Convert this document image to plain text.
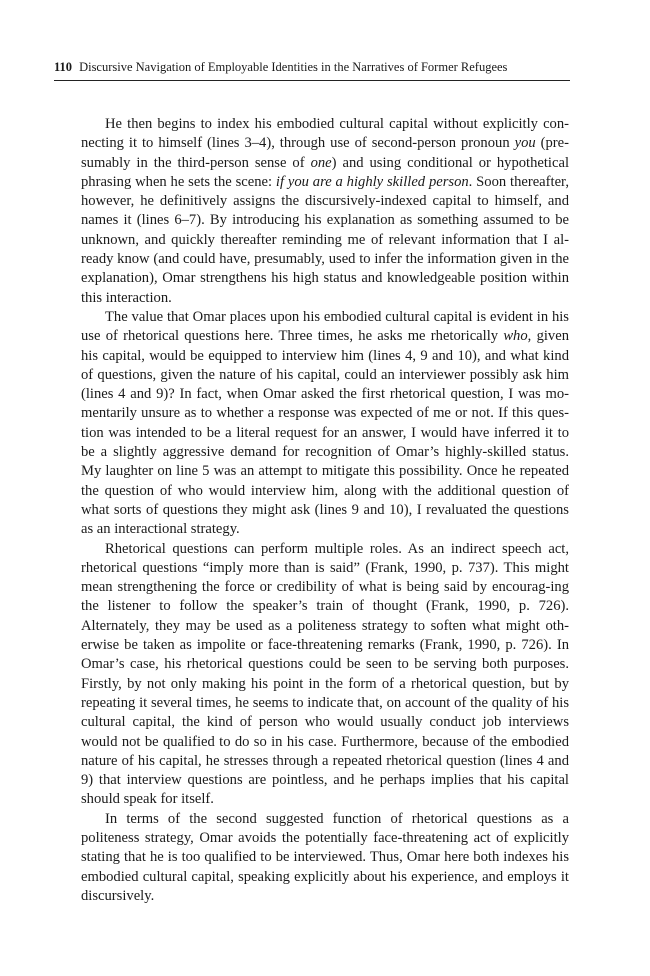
110 Discursive Navigation of Employable Identities in the Narratives of Former Refugees

He then begins to index his embodied cultural capital without explicitly con-necting it to himself (lines 3–4), through use of second-person pronoun you (pre-sumably in the third-person sense of one) and using conditional or hypothetical phrasing when he sets the scene: if you are a highly skilled person. Soon thereafter, however, he definitively assigns the discursively-indexed capital to himself, and names it (lines 6–7). By introducing his explanation as something assumed to be unknown, and quickly thereafter reminding me of relevant information that I al-ready know (and could have, presumably, used to infer the information given in the explanation), Omar strengthens his high status and knowledgeable position within this interaction.

The value that Omar places upon his embodied cultural capital is evident in his use of rhetorical questions here. Three times, he asks me rhetorically who, given his capital, would be equipped to interview him (lines 4, 9 and 10), and what kind of questions, given the nature of his capital, could an interviewer possibly ask him (lines 4 and 9)? In fact, when Omar asked the first rhetorical question, I was mo-mentarily unsure as to whether a response was expected of me or not. If this ques-tion was intended to be a literal request for an answer, I would have inferred it to be a slightly aggressive demand for recognition of Omar’s highly-skilled status. My laughter on line 5 was an attempt to mitigate this possibility. Once he repeated the question of who would interview him, along with the additional question of what sorts of questions they might ask (lines 9 and 10), I revaluated the questions as an interactional strategy.

Rhetorical questions can perform multiple roles. As an indirect speech act, rhetorical questions “imply more than is said” (Frank, 1990, p. 737). This might mean strengthening the force or credibility of what is being said by encourag-ing the listener to follow the speaker’s train of thought (Frank, 1990, p. 726). Alternately, they may be used as a politeness strategy to soften what might oth-erwise be taken as impolite or face-threatening remarks (Frank, 1990, p. 726). In Omar’s case, his rhetorical questions could be seen to be serving both purposes. Firstly, by not only making his point in the form of a rhetorical question, but by repeating it several times, he seems to indicate that, on account of the quality of his cultural capital, the kind of person who would usually conduct job interviews would not be qualified to do so in his case. Furthermore, because of the embodied nature of his capital, he stresses through a repeated rhetorical question (lines 4 and 9) that interview questions are pointless, and he perhaps implies that his capital should speak for itself.

In terms of the second suggested function of rhetorical questions as a politeness strategy, Omar avoids the potentially face-threatening act of explicitly stating that he is too qualified to be interviewed. Thus, Omar here both indexes his embodied cultural capital, speaking explicitly about his experience, and employs it discursively.
